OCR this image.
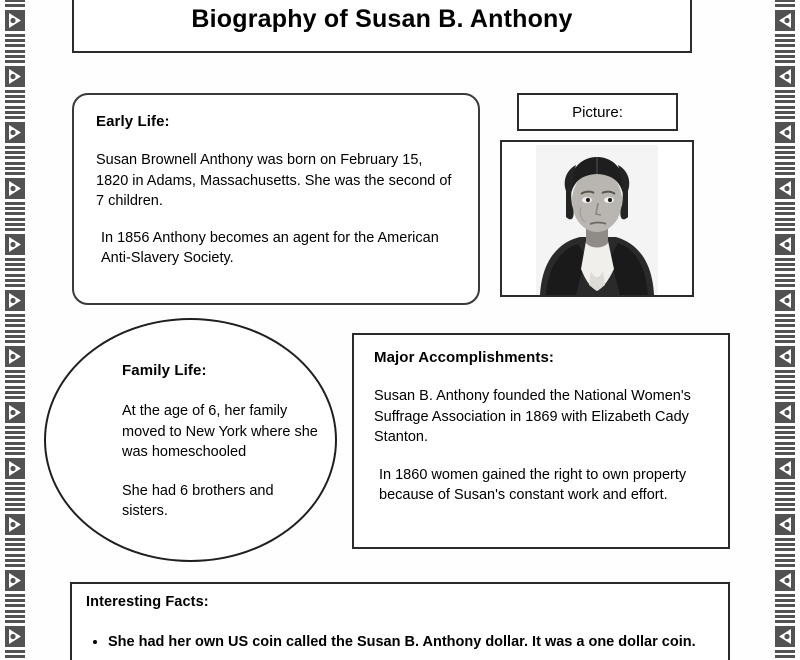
Biography of Susan B. Anthony
Early Life:
Susan Brownell Anthony was born on February 15, 1820 in Adams, Massachusetts. She was the second of 7 children.
In 1856 Anthony becomes an agent for the American Anti-Slavery Society.
Picture:
Family Life:
At the age of 6, her family moved to New York where she was homeschooled
She had 6 brothers and sisters.
Major Accomplishments:
Susan B. Anthony founded the National Women's Suffrage Association in 1869 with Elizabeth Cady Stanton.
In 1860 women gained the right to own property because of Susan's constant work and effort.
Interesting Facts:
• She had her own US coin called the Susan B. Anthony dollar. It was a one dollar coin.
